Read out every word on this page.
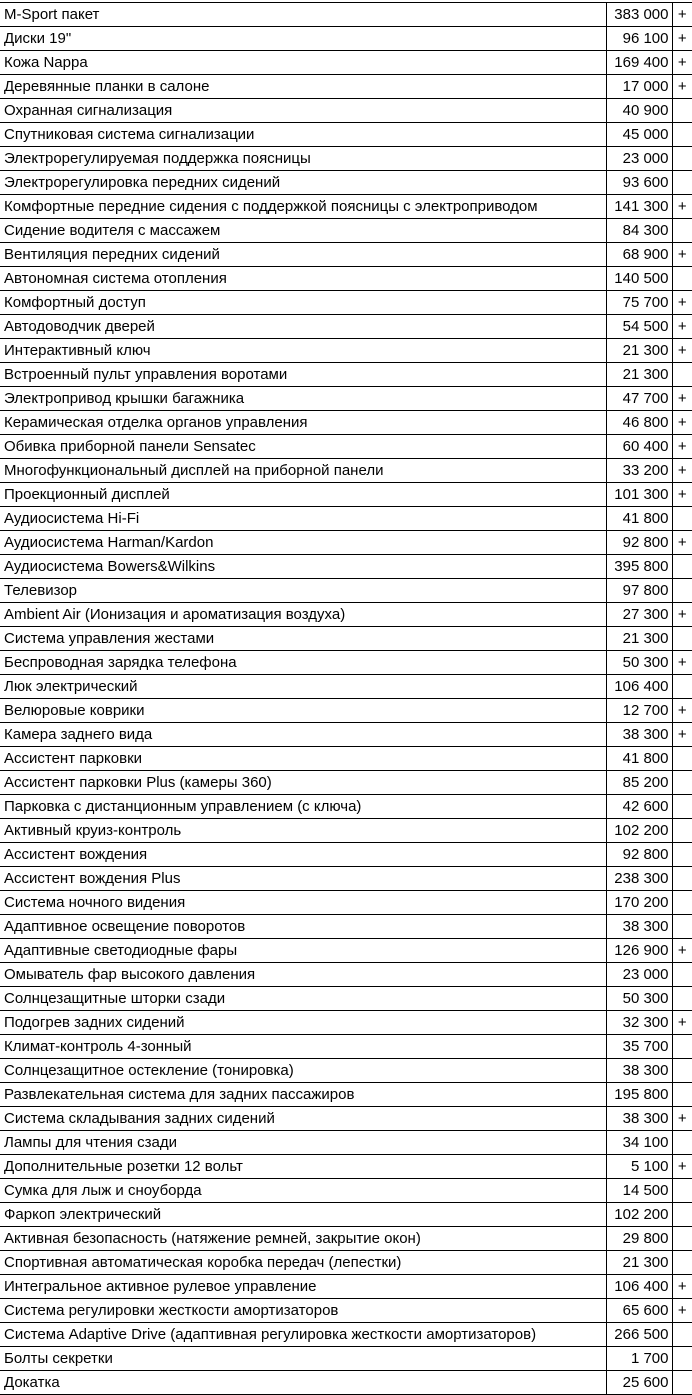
M-Sport пакет	383 000	+
Диски 19"	96 100	+
Кожа Nappa	169 400	+
Деревянные планки в салоне	17 000	+
Охранная сигнализация	40 900	
Спутниковая система сигнализации	45 000	
Электрорегулируемая поддержка поясницы	23 000	
Электрорегулировка передних сидений	93 600	
Комфортные передние сидения с поддержкой поясницы с электроприводом	141 300	+
Сидение водителя с массажем	84 300	
Вентиляция передних сидений	68 900	+
Автономная система отопления	140 500	
Комфортный доступ	75 700	+
Автодоводчик дверей	54 500	+
Интерактивный ключ	21 300	+
Встроенный пульт управления воротами	21 300	
Электропривод крышки багажника	47 700	+
Керамическая отделка органов управления	46 800	+
Обивка приборной панели Sensatec	60 400	+
Многофункциональный дисплей на приборной панели	33 200	+
Проекционный дисплей	101 300	+
Аудиосистема Hi-Fi	41 800	
Аудиосистема Harman/Kardon	92 800	+
Аудиосистема Bowers&Wilkins	395 800	
Телевизор	97 800	
Ambient Air (Ионизация и ароматизация воздуха)	27 300	+
Система управления жестами	21 300	
Беспроводная зарядка телефона	50 300	+
Люк электрический	106 400	
Велюровые коврики	12 700	+
Камера заднего вида	38 300	+
Ассистент парковки	41 800	
Ассистент парковки Plus (камеры 360)	85 200	
Парковка с дистанционным управлением (с ключа)	42 600	
Активный круиз-контроль	102 200	
Ассистент вождения	92 800	
Ассистент вождения Plus	238 300	
Система ночного видения	170 200	
Адаптивное освещение поворотов	38 300	
Адаптивные светодиодные фары	126 900	+
Омыватель фар высокого давления	23 000	
Солнцезащитные шторки сзади	50 300	
Подогрев задних сидений	32 300	+
Климат-контроль 4-зонный	35 700	
Солнцезащитное остекление (тонировка)	38 300	
Развлекательная система для задних пассажиров	195 800	
Система складывания задних сидений	38 300	+
Лампы для чтения сзади	34 100	
Дополнительные розетки 12 вольт	5 100	+
Сумка для лыж и сноуборда	14 500	
Фаркоп электрический	102 200	
Активная безопасность (натяжение ремней, закрытие окон)	29 800	
Спортивная автоматическая коробка передач (лепестки)	21 300	
Интегральное активное рулевое управление	106 400	+
Система регулировки жесткости амортизаторов	65 600	+
Система Adaptive Drive (адаптивная регулировка жесткости амортизаторов)	266 500	
Болты секретки	1 700	
Докатка	25 600	
